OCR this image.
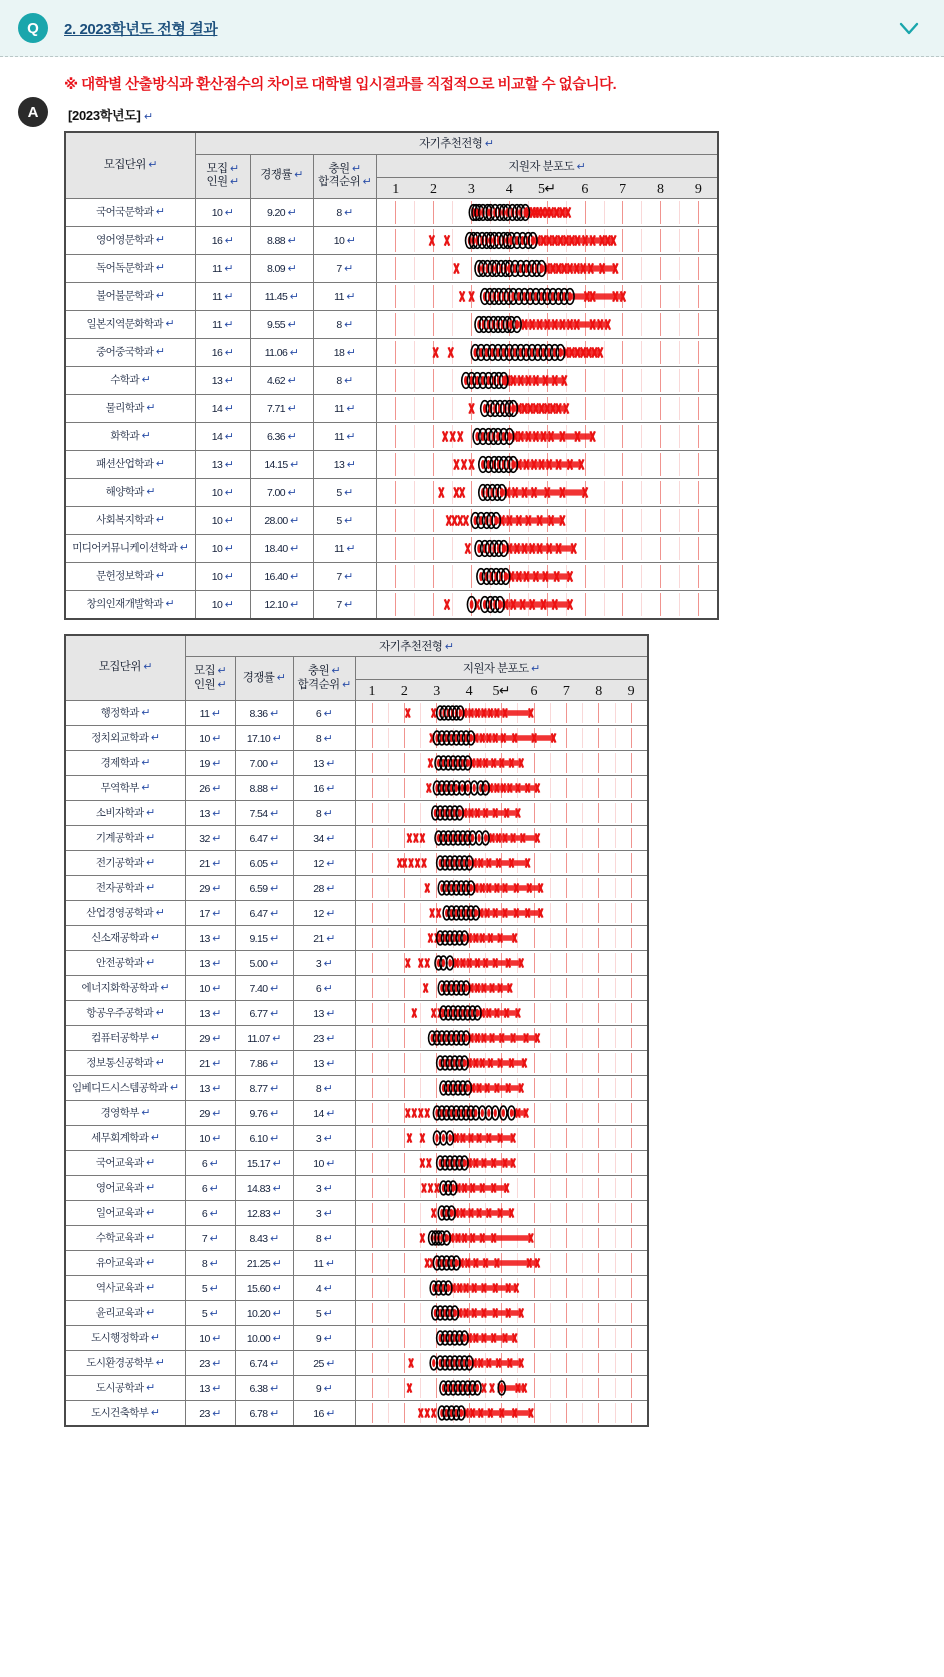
Q	2. 2023학년도 전형 결과
A

※ 대학별 산출방식과 환산점수의 차이로 대학별 입시결과를 직접적으로 비교할 수 없습니다.

[2023학년도] ↵

모집단위 ↵	자기추천전형 ↵			

모집 ↵
인원 ↵
	경쟁률 ↵	
충원 ↵
합격순위 ↵
	지원자 분포도 ↵

1	2	3	4	5↵	6	7	8	9

국어국문학과 ↵	10 ↵	9.20 ↵	8 ↵	

영어영문학과 ↵	16 ↵	8.88 ↵	10 ↵	

독어독문학과 ↵	11 ↵	8.09 ↵	7 ↵	

불어불문학과 ↵	11 ↵	11.45 ↵	11 ↵	

일본지역문화학과 ↵	11 ↵	9.55 ↵	8 ↵	

중어중국학과 ↵	16 ↵	11.06 ↵	18 ↵	

수학과 ↵	13 ↵	4.62 ↵	8 ↵	

물리학과 ↵	14 ↵	7.71 ↵	11 ↵	

화학과 ↵	14 ↵	6.36 ↵	11 ↵	

패션산업학과 ↵	13 ↵	14.15 ↵	13 ↵	

해양학과 ↵	10 ↵	7.00 ↵	5 ↵	

사회복지학과 ↵	10 ↵	28.00 ↵	5 ↵	

미디어커뮤니케이션학과 ↵	10 ↵	18.40 ↵	11 ↵	

문헌정보학과 ↵	10 ↵	16.40 ↵	7 ↵	

창의인재개발학과 ↵	10 ↵	12.10 ↵	7 ↵	
모집단위 ↵	자기추천전형 ↵			

모집 ↵
인원 ↵
	경쟁률 ↵	
충원 ↵
합격순위 ↵
	지원자 분포도 ↵

1	2	3	4	5↵	6	7	8	9

행정학과 ↵	11 ↵	8.36 ↵	6 ↵	

정치외교학과 ↵	10 ↵	17.10 ↵	8 ↵	

경제학과 ↵	19 ↵	7.00 ↵	13 ↵	

무역학부 ↵	26 ↵	8.88 ↵	16 ↵	

소비자학과 ↵	13 ↵	7.54 ↵	8 ↵	

기계공학과 ↵	32 ↵	6.47 ↵	34 ↵	

전기공학과 ↵	21 ↵	6.05 ↵	12 ↵	

전자공학과 ↵	29 ↵	6.59 ↵	28 ↵	

산업경영공학과 ↵	17 ↵	6.47 ↵	12 ↵	

신소재공학과 ↵	13 ↵	9.15 ↵	21 ↵	

안전공학과 ↵	13 ↵	5.00 ↵	3 ↵	

에너지화학공학과 ↵	10 ↵	7.40 ↵	6 ↵	

항공우주공학과 ↵	13 ↵	6.77 ↵	13 ↵	

컴퓨터공학부 ↵	29 ↵	11.07 ↵	23 ↵	

정보통신공학과 ↵	21 ↵	7.86 ↵	13 ↵	

임베디드시스템공학과 ↵	13 ↵	8.77 ↵	8 ↵	

경영학부 ↵	29 ↵	9.76 ↵	14 ↵	

세무회계학과 ↵	10 ↵	6.10 ↵	3 ↵	

국어교육과 ↵	6 ↵	15.17 ↵	10 ↵	

영어교육과 ↵	6 ↵	14.83 ↵	3 ↵	

일어교육과 ↵	6 ↵	12.83 ↵	3 ↵	

수학교육과 ↵	7 ↵	8.43 ↵	8 ↵	

유아교육과 ↵	8 ↵	21.25 ↵	11 ↵	

역사교육과 ↵	5 ↵	15.60 ↵	4 ↵	

윤리교육과 ↵	5 ↵	10.20 ↵	5 ↵	

도시행정학과 ↵	10 ↵	10.00 ↵	9 ↵	

도시환경공학부 ↵	23 ↵	6.74 ↵	25 ↵	

도시공학과 ↵	13 ↵	6.38 ↵	9 ↵	

도시건축학부 ↵	23 ↵	6.78 ↵	16 ↵	
